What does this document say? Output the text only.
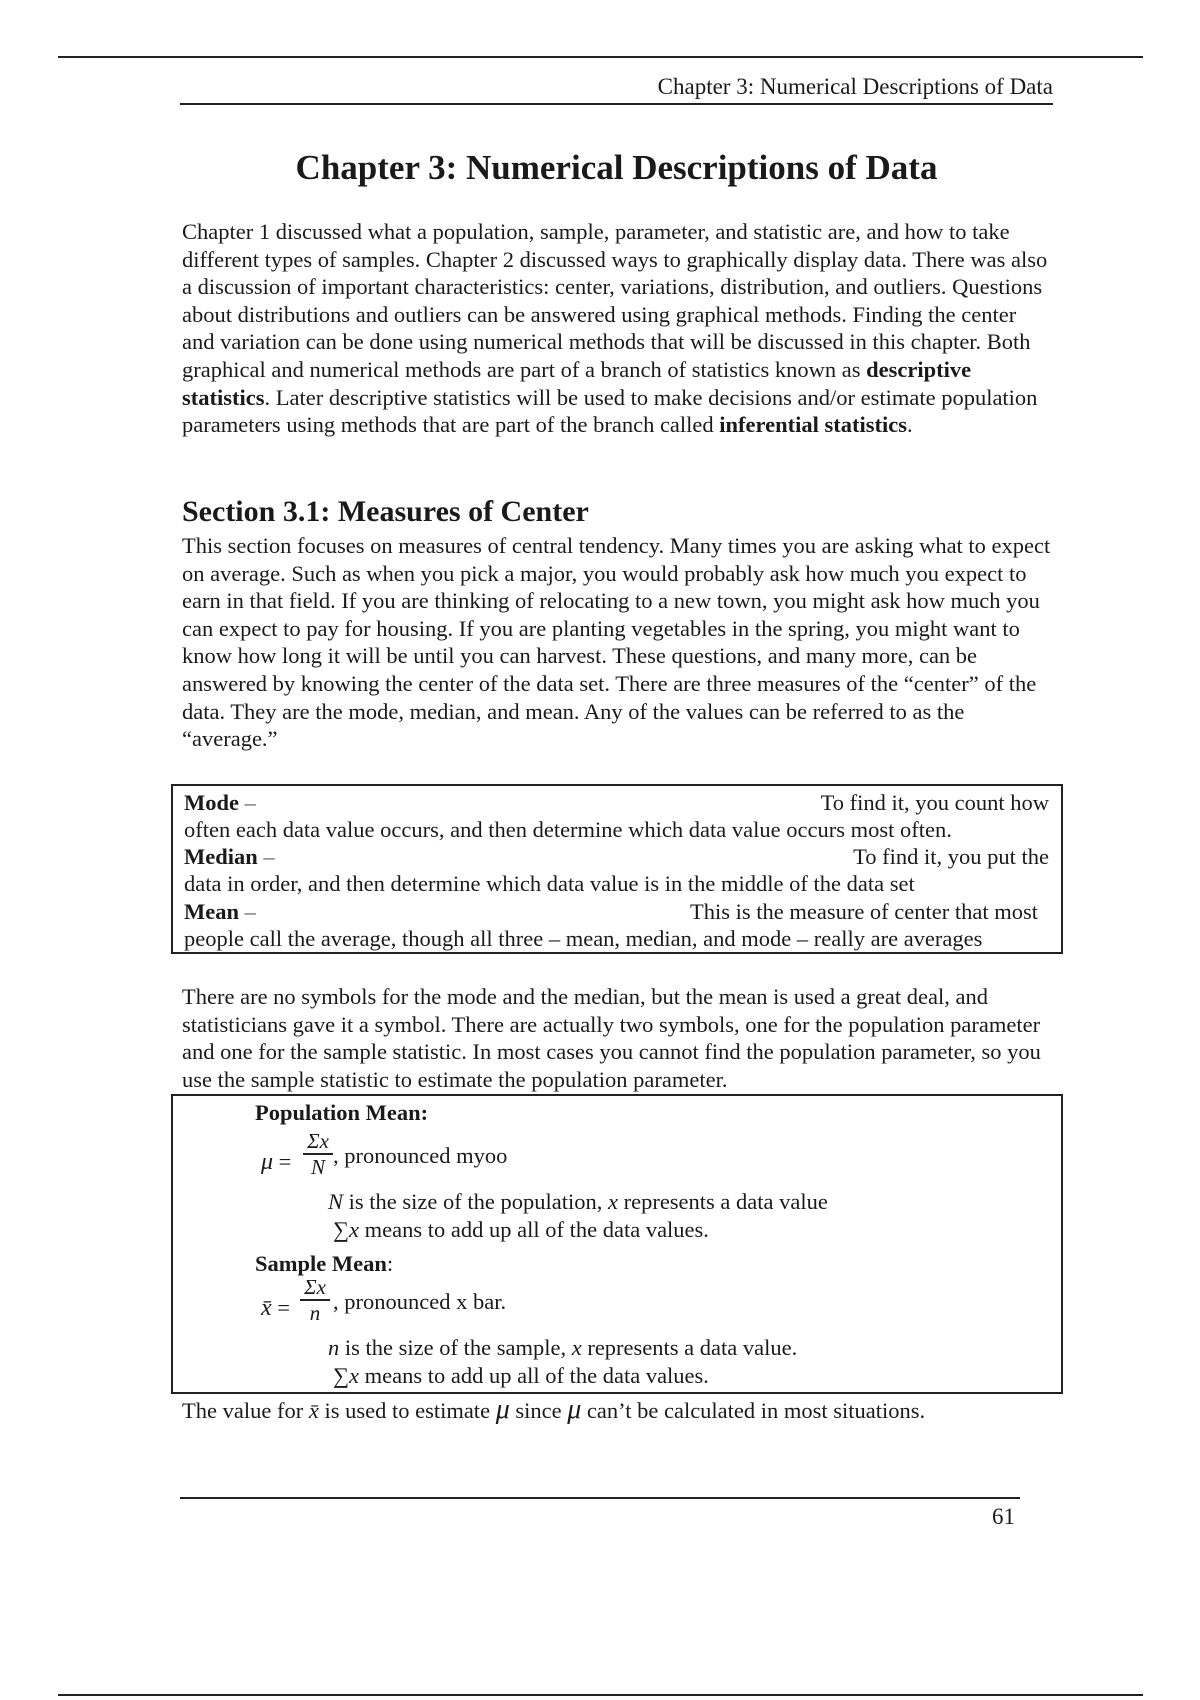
Chapter 3: Numerical Descriptions of Data
Chapter 3: Numerical Descriptions of Data

Chapter 1 discussed what a population, sample, parameter, and statistic are, and how to take different types of samples. Chapter 2 discussed ways to graphically display data. There was also a discussion of important characteristics: center, variations, distribution, and outliers. Questions about distributions and outliers can be answered using graphical methods. Finding the center and variation can be done using numerical methods that will be discussed in this chapter. Both graphical and numerical methods are part of a branch of statistics known as descriptive statistics. Later descriptive statistics will be used to make decisions and/or estimate population parameters using methods that are part of the branch called inferential statistics.

Section 3.1: Measures of Center

This section focuses on measures of central tendency. Many times you are asking what to expect on average. Such as when you pick a major, you would probably ask how much you expect to earn in that field. If you are thinking of relocating to a new town, you might ask how much you can expect to pay for housing. If you are planting vegetables in the spring, you might want to know how long it will be until you can harvest. These questions, and many more, can be answered by knowing the center of the data set. There are three measures of the “center” of the data. They are the mode, median, and mean. Any of the values can be referred to as the “average.”

Mode –	To find it, you count how
often each data value occurs, and then determine which data value occurs most often.
Median –	To find it, you put the
data in order, and then determine which data value is in the middle of the data set
Mean –	This is the measure of center that most
people call the average, though all three – mean, median, and mode – really are averages

There are no symbols for the mode and the median, but the mean is used a great deal, and statisticians gave it a symbol. There are actually two symbols, one for the population parameter and one for the sample statistic. In most cases you cannot find the population parameter, so you use the sample statistic to estimate the population parameter.

Population Mean:
μ =
Σx
N , pronounced myoo
N is the size of the population, x represents a data value
∑x means to add up all of the data values.
Sample Mean:
x̄ =
Σx
n , pronounced x bar.
n is the size of the sample, x represents a data value.
∑x means to add up all of the data values.
The value for x̄ is used to estimate μ since μ can’t be calculated in most situations.
61
